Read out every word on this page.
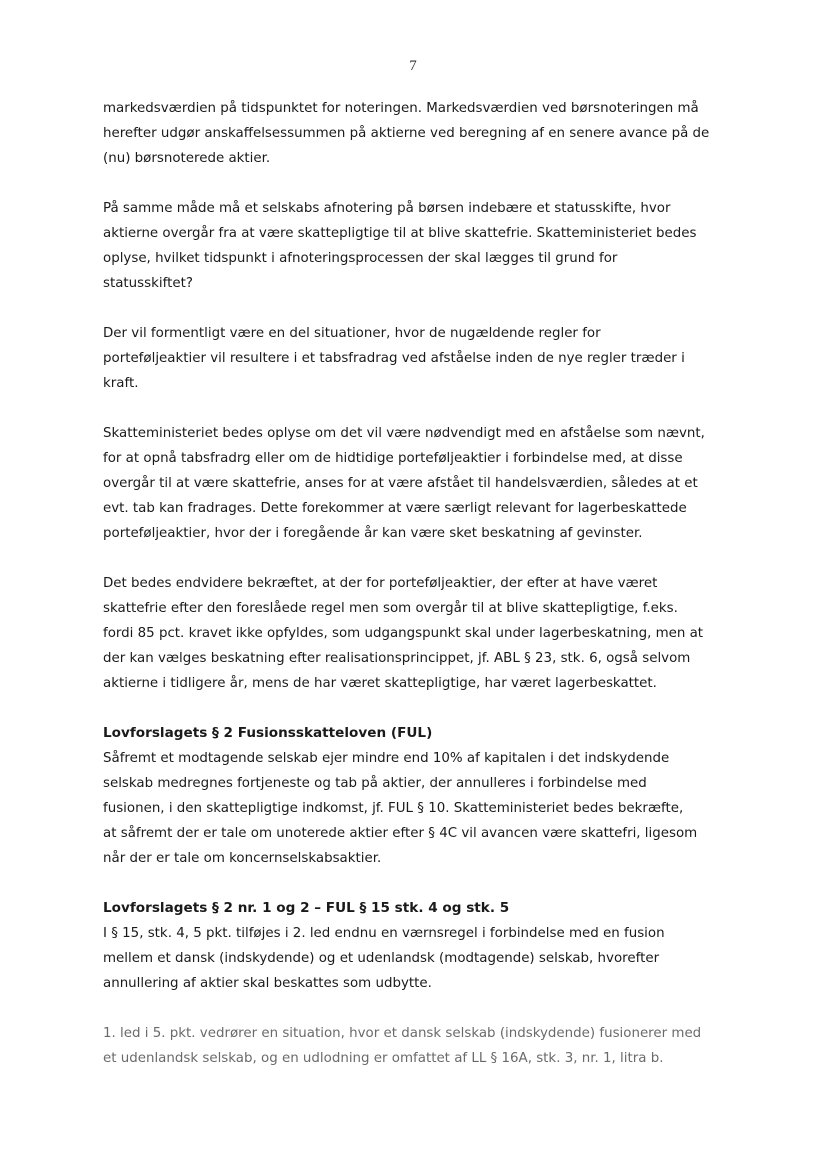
7

markedsværdien på tidspunktet for noteringen. Markedsværdien ved børsnoteringen må
herefter udgør anskaffelsessummen på aktierne ved beregning af en senere avance på de
(nu) børsnoterede aktier.

På samme måde må et selskabs afnotering på børsen indebære et statusskifte, hvor
aktierne overgår fra at være skattepligtige til at blive skattefrie. Skatteministeriet bedes
oplyse, hvilket tidspunkt i afnoteringsprocessen der skal lægges til grund for
statusskiftet?

Der vil formentligt være en del situationer, hvor de nugældende regler for
porteføljeaktier vil resultere i et tabsfradrag ved afståelse inden de nye regler træder i
kraft.

Skatteministeriet bedes oplyse om det vil være nødvendigt med en afståelse som nævnt,
for at opnå tabsfradrg eller om de hidtidige porteføljeaktier i forbindelse med, at disse
overgår til at være skattefrie, anses for at være afstået til handelsværdien, således at et
evt. tab kan fradrages. Dette forekommer at være særligt relevant for lagerbeskattede
porteføljeaktier, hvor der i foregående år kan være sket beskatning af gevinster.

Det bedes endvidere bekræftet, at der for porteføljeaktier, der efter at have været
skattefrie efter den foreslåede regel men som overgår til at blive skattepligtige, f.eks.
fordi 85 pct. kravet ikke opfyldes, som udgangspunkt skal under lagerbeskatning, men at
der kan vælges beskatning efter realisationsprincippet, jf. ABL § 23, stk. 6, også selvom
aktierne i tidligere år, mens de har været skattepligtige, har været lagerbeskattet.

Lovforslagets § 2 Fusionsskatteloven (FUL)

Såfremt et modtagende selskab ejer mindre end 10% af kapitalen i det indskydende
selskab medregnes fortjeneste og tab på aktier, der annulleres i forbindelse med
fusionen, i den skattepligtige indkomst, jf. FUL § 10. Skatteministeriet bedes bekræfte,
at såfremt der er tale om unoterede aktier efter § 4C vil avancen være skattefri, ligesom
når der er tale om koncernselskabsaktier.

Lovforslagets § 2 nr. 1 og 2 – FUL § 15 stk. 4 og stk. 5

I § 15, stk. 4, 5 pkt. tilføjes i 2. led endnu en værnsregel i forbindelse med en fusion
mellem et dansk (indskydende) og et udenlandsk (modtagende) selskab, hvorefter
annullering af aktier skal beskattes som udbytte.

1. led i 5. pkt. vedrører en situation, hvor et dansk selskab (indskydende) fusionerer med
et udenlandsk selskab, og en udlodning er omfattet af LL § 16A, stk. 3, nr. 1, litra b.
